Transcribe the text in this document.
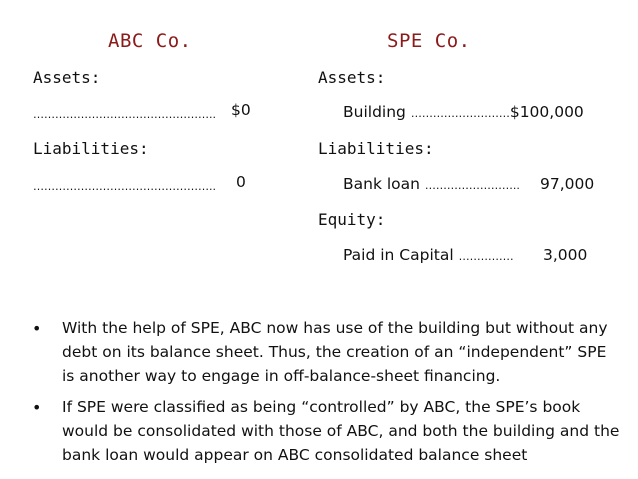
ABC Co.
Assets:
………………………………………….. $0
Liabilities:
………………………………………….. 0
SPE Co.
Assets:
Building ………………………$100,000
Liabilities:
Bank loan …………………….. 97,000
Equity:
Paid in Capital …………… 3,000
• With the help of SPE, ABC now has use of the building but without any debt on its balance sheet. Thus, the creation of an “independent” SPE is another way to engage in off-balance-sheet financing.
• If SPE were classified as being “controlled” by ABC, the SPE’s book would be consolidated with those of ABC, and both the building and the bank loan would appear on ABC consolidated balance sheet
